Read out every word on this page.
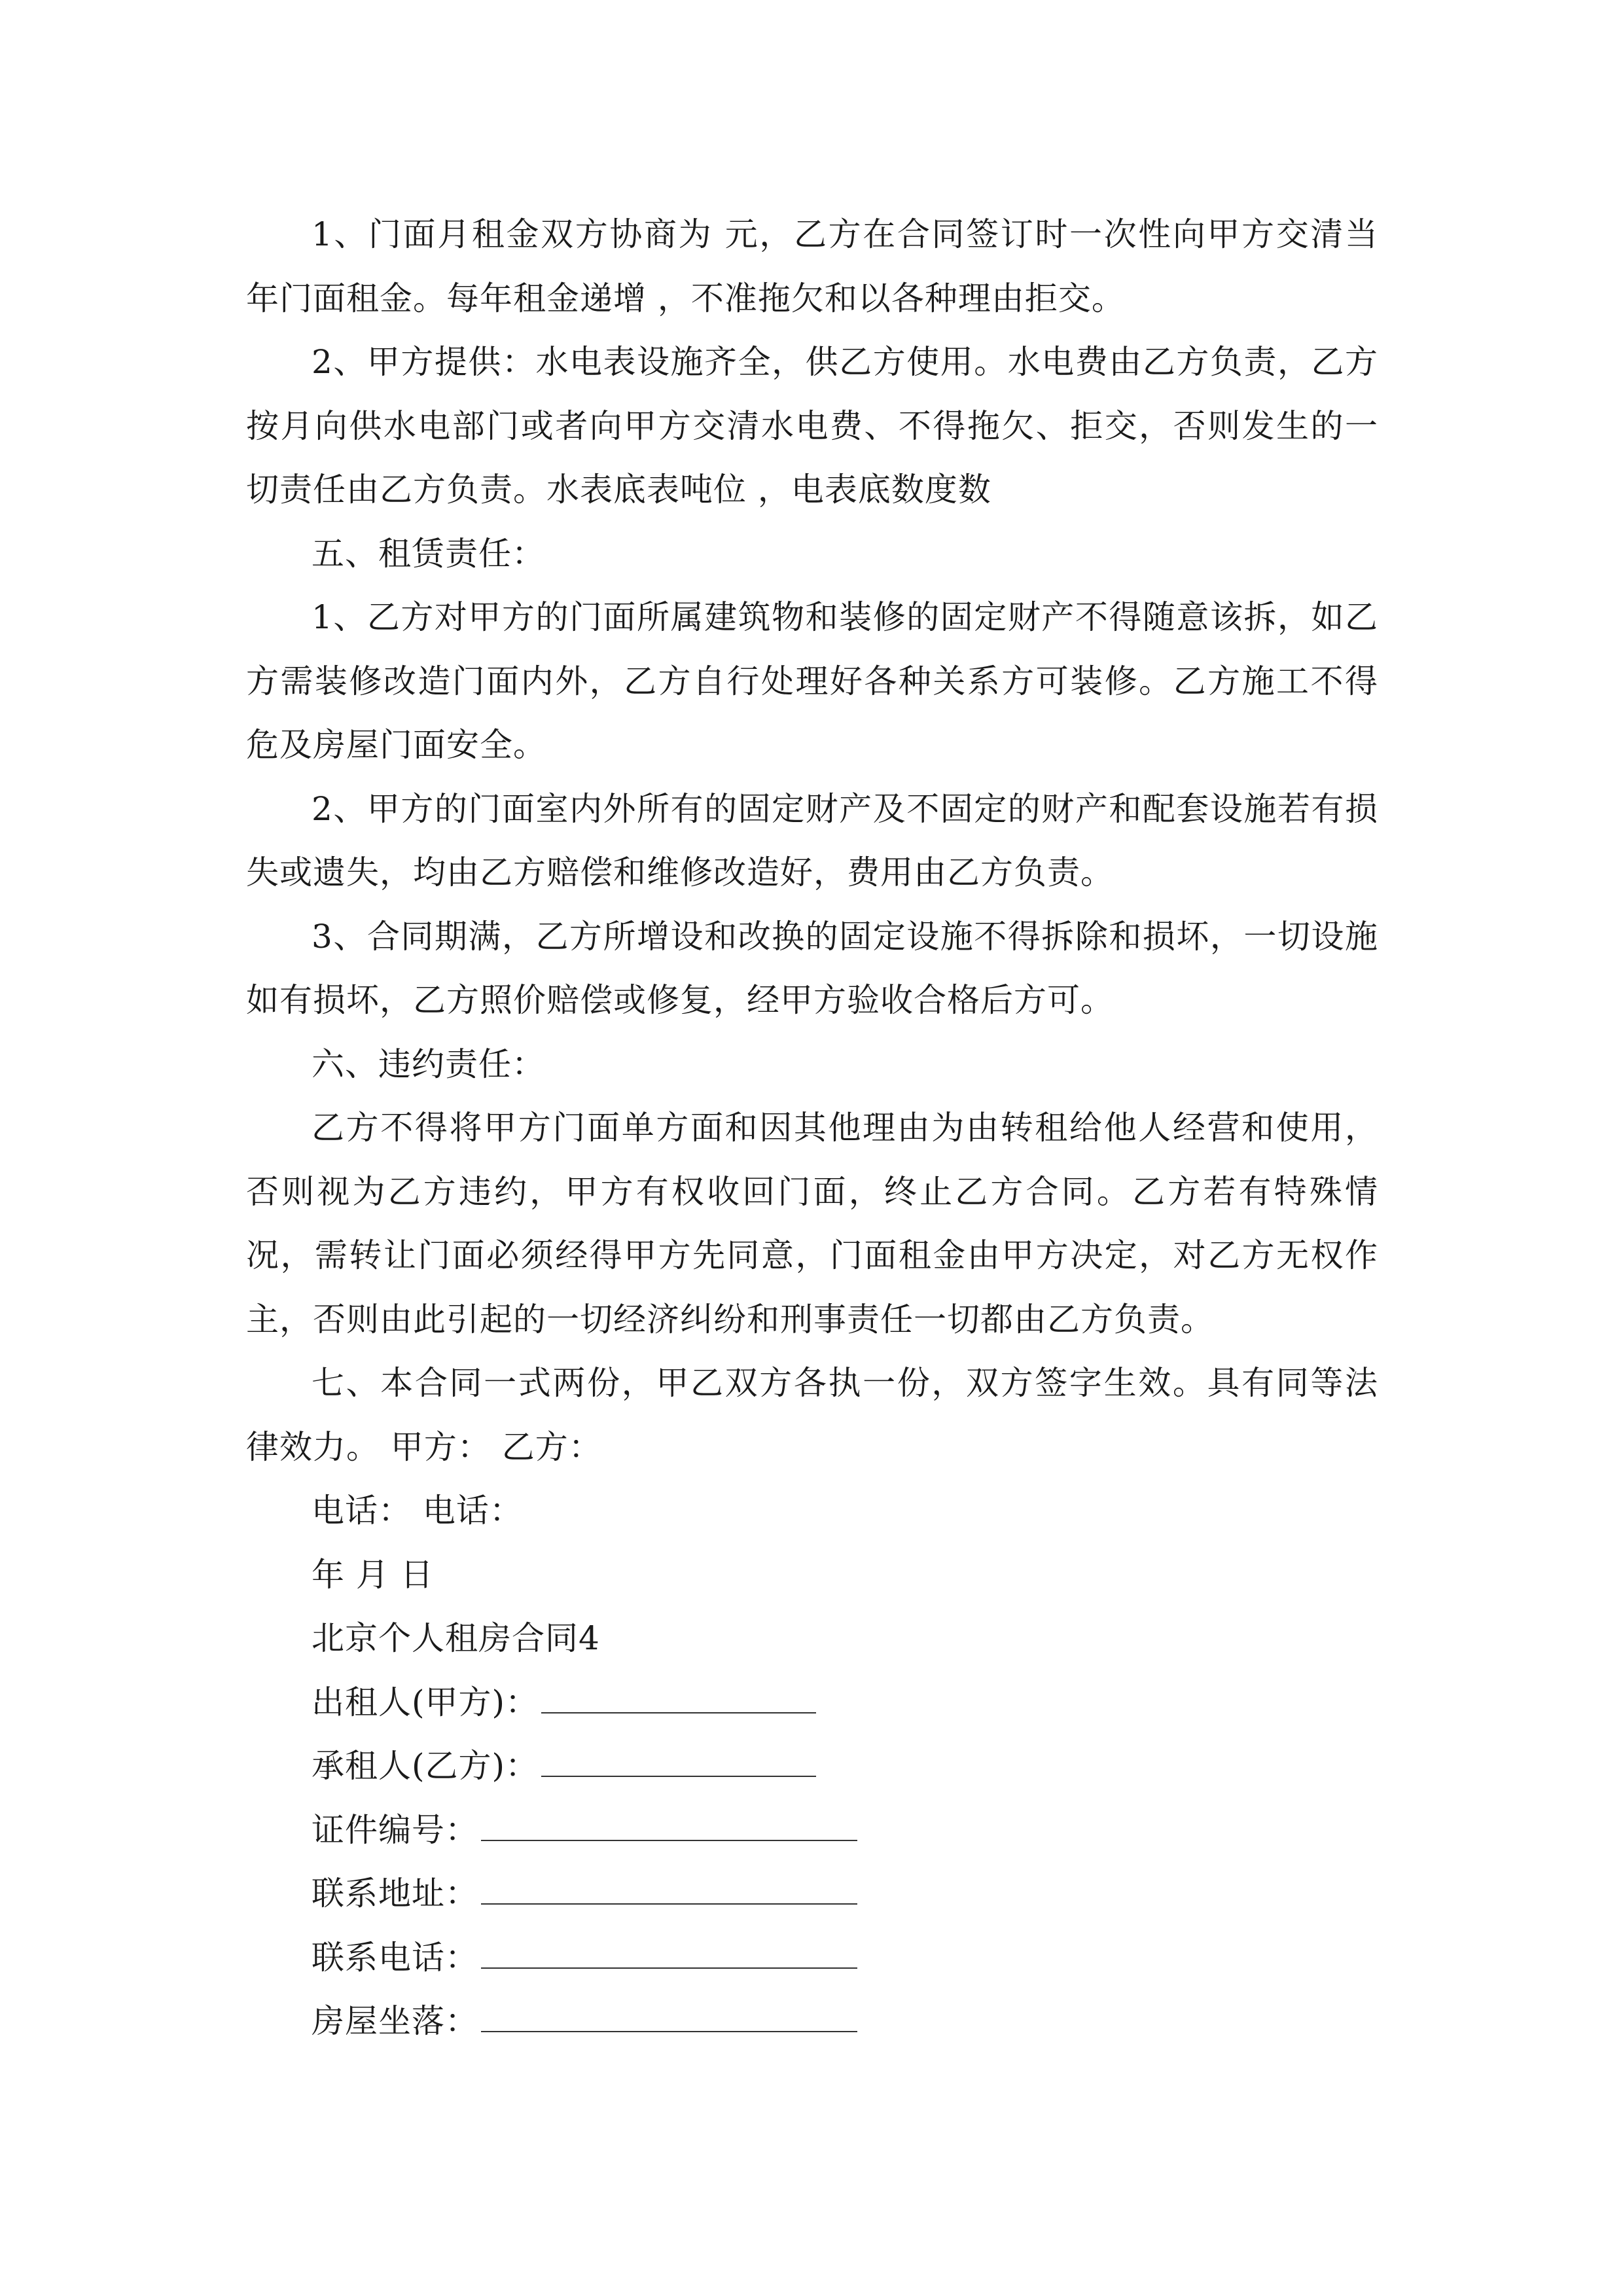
1、门面月租金双方协商为 元，乙方在合同签订时一次性向甲方交清当年门面租金。每年租金递增 ，不准拖欠和以各种理由拒交。

2、甲方提供：水电表设施齐全，供乙方使用。水电费由乙方负责，乙方按月向供水电部门或者向甲方交清水电费、不得拖欠、拒交，否则发生的一切责任由乙方负责。水表底表吨位 ，电表底数度数

五、租赁责任：

1、乙方对甲方的门面所属建筑物和装修的固定财产不得随意该拆，如乙方需装修改造门面内外，乙方自行处理好各种关系方可装修。乙方施工不得危及房屋门面安全。

2、甲方的门面室内外所有的固定财产及不固定的财产和配套设施若有损失或遗失，均由乙方赔偿和维修改造好，费用由乙方负责。

3、合同期满，乙方所增设和改换的固定设施不得拆除和损坏，一切设施如有损坏，乙方照价赔偿或修复，经甲方验收合格后方可。

六、违约责任：

乙方不得将甲方门面单方面和因其他理由为由转租给他人经营和使用，否则视为乙方违约，甲方有权收回门面，终止乙方合同。乙方若有特殊情况，需转让门面必须经得甲方先同意，门面租金由甲方决定，对乙方无权作主，否则由此引起的一切经济纠纷和刑事责任一切都由乙方负责。

七、本合同一式两份，甲乙双方各执一份，双方签字生效。具有同等法律效力。 甲方： 乙方：

电话： 电话：
年 月 日
北京个人租房合同4
出租人(甲方)：
承租人(乙方)：
证件编号：
联系地址：
联系电话：
房屋坐落：
